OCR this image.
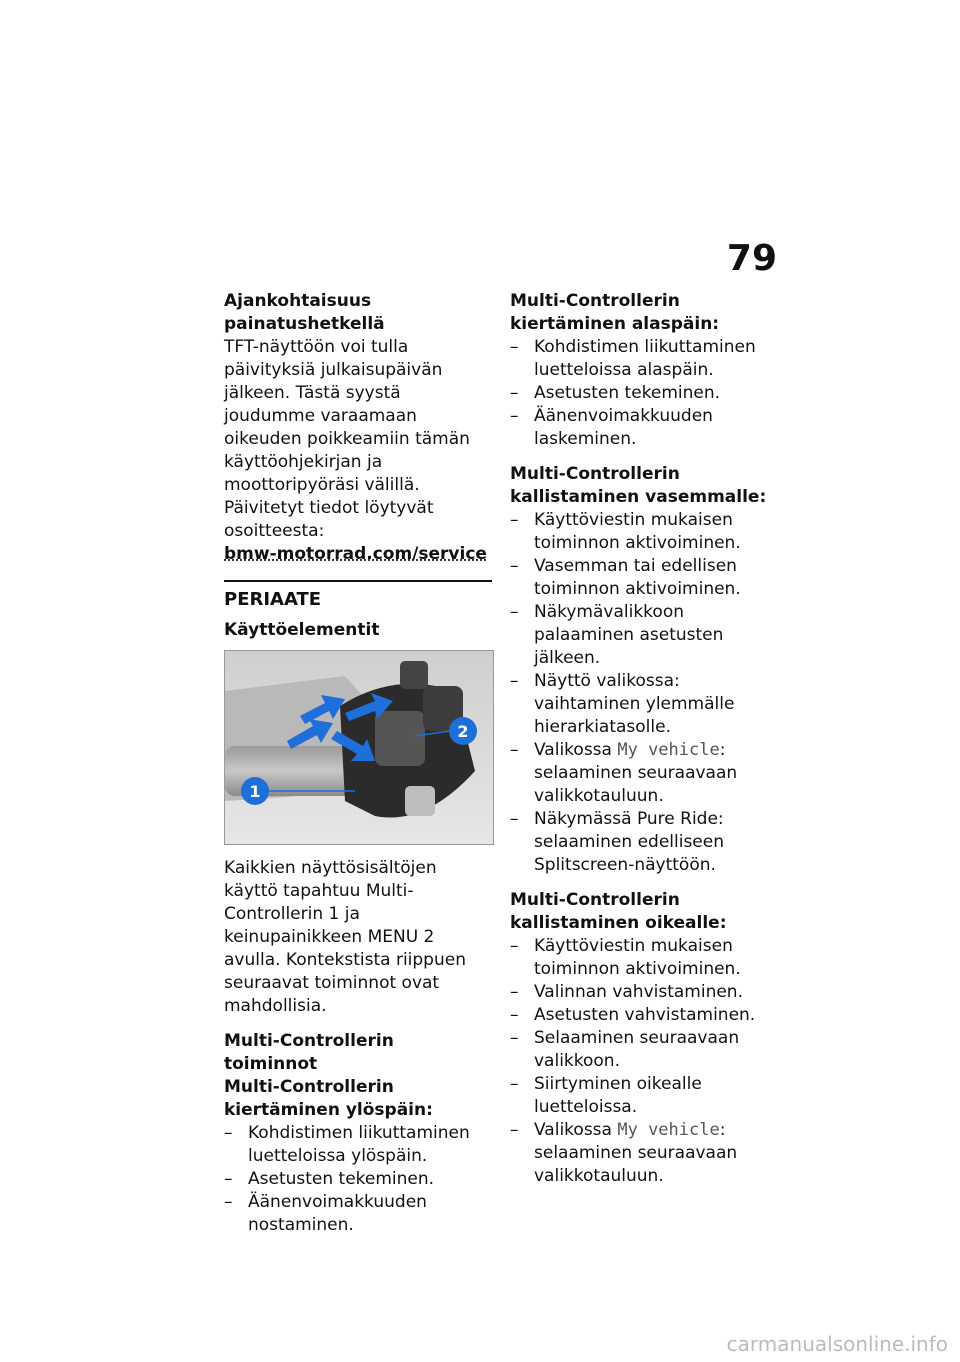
79

Ajankohtaisuus painatushetkellä

TFT-näyttöön voi tulla päivityksiä julkaisupäivän jälkeen. Tästä syystä joudumme varaamaan oikeuden poikkeamiin tämän käyttöohjekirjan ja moottoripyöräsi välillä. Päivitetyt tiedot löytyvät osoitteesta:

bmw-motorrad.com/service

PERIAATE

Käyttöelementit

1
2

Kaikkien näyttösisältöjen käyttö tapahtuu Multi-Controllerin 1 ja keinupainikkeen MENU 2 avulla. Kontekstista riippuen seuraavat toiminnot ovat mahdollisia.

Multi-Controllerin toiminnot

Multi-Controllerin kiertäminen ylöspäin:

– Kohdistimen liikuttaminen luetteloissa ylöspäin.
– Asetusten tekeminen.
– Äänenvoimakkuuden nostaminen.

Multi-Controllerin kiertäminen alaspäin:

– Kohdistimen liikuttaminen luetteloissa alaspäin.
– Asetusten tekeminen.
– Äänenvoimakkuuden laskeminen.

Multi-Controllerin kallistaminen vasemmalle:

– Käyttöviestin mukaisen toiminnon aktivoiminen.
– Vasemman tai edellisen toiminnon aktivoiminen.
– Näkymävalikkoon palaaminen asetusten jälkeen.
– Näyttö valikossa: vaihtaminen ylemmälle hierarkiatasolle.
– Valikossa My vehicle: selaaminen seuraavaan valikkotauluun.
– Näkymässä Pure Ride: selaaminen edelliseen Splitscreen-näyttöön.

Multi-Controllerin kallistaminen oikealle:

– Käyttöviestin mukaisen toiminnon aktivoiminen.
– Valinnan vahvistaminen.
– Asetusten vahvistaminen.
– Selaaminen seuraavaan valikkoon.
– Siirtyminen oikealle luetteloissa.
– Valikossa My vehicle: selaaminen seuraavaan valikkotauluun.
carmanualsonline.info
